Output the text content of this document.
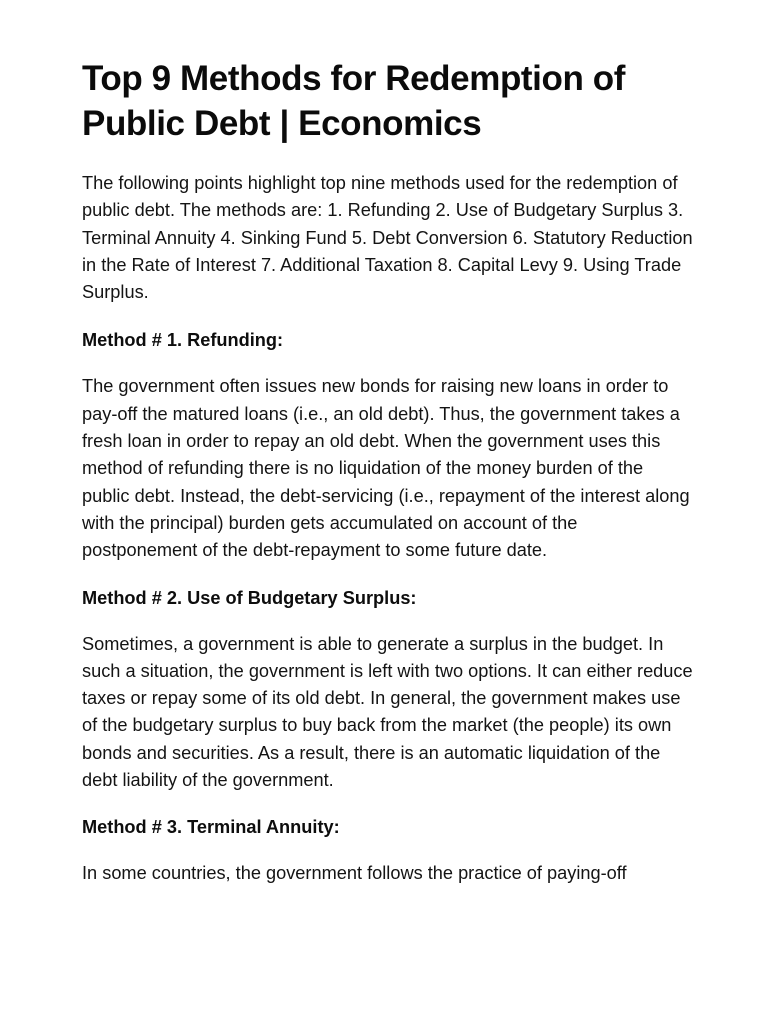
Top 9 Methods for Redemption of Public Debt | Economics

The following points highlight top nine methods used for the redemption of public debt. The methods are: 1. Refunding 2. Use of Budgetary Surplus 3. Terminal Annuity 4. Sinking Fund 5. Debt Conversion 6. Statutory Reduction in the Rate of Interest 7. Additional Taxation 8. Capital Levy 9. Using Trade Surplus.

Method # 1. Refunding:

The government often issues new bonds for raising new loans in order to pay-off the matured loans (i.e., an old debt). Thus, the government takes a fresh loan in order to repay an old debt. When the government uses this method of refunding there is no liquidation of the money burden of the public debt. Instead, the debt-servicing (i.e., repayment of the interest along with the principal) burden gets accumulated on account of the postponement of the debt-repayment to some future date.

Method # 2. Use of Budgetary Surplus:

Sometimes, a government is able to generate a surplus in the budget. In such a situation, the government is left with two options. It can either reduce taxes or repay some of its old debt. In general, the government makes use of the budgetary surplus to buy back from the market (the people) its own bonds and securities. As a result, there is an automatic liquidation of the debt liability of the government.

Method # 3. Terminal Annuity:

In some countries, the government follows the practice of paying-off
